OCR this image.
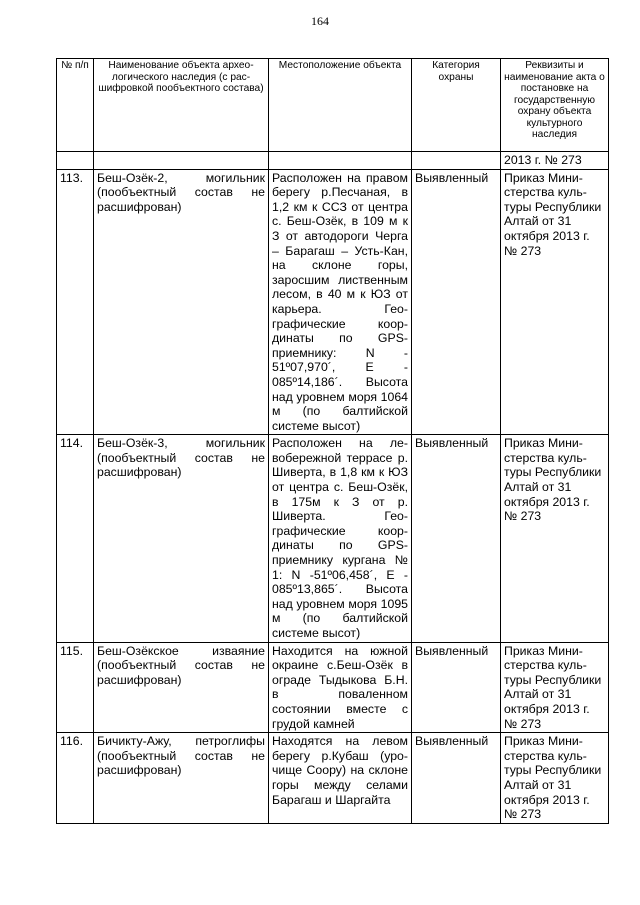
164
№ п/п	Наименование объекта археологического наследия (с расшифровкой пообъектного состава)	Местоположение объекта	Категория охраны	Реквизиты и наименование акта о постановке на государственную охрану объекта культурного наследия
				2013 г. № 273
113.	Беш-Озёк-2, могильник (пообъектный состав не расшифрован)	Расположен на правом берегу р.Песчаная, в 1,2 км к ССЗ от центра с. Беш-Озёк, в 109 м к З от автодороги Черга – Барагаш – Усть-Кан, на склоне горы, заросшим лиственным лесом, в 40 м к ЮЗ от карьера. Географические координаты по GPS-приемнику: N - 51º07,970´, E - 085º14,186´. Высота над уровнем моря 1064 м (по балтийской системе высот)	Выявленный	Приказ Министерства культуры Республики Алтай от 31 октября 2013 г. № 273
114.	Беш-Озёк-3, могильник (пообъектный состав не расшифрован)	Расположен на левобережной террасе р. Шиверта, в 1,8 км к ЮЗ от центра с. Беш-Озёк, в 175м к З от р. Шиверта. Географические координаты по GPS-приемнику кургана № 1: N -51º06,458´, E - 085º13,865´. Высота над уровнем моря 1095 м (по балтийской системе высот)	Выявленный	Приказ Министерства культуры Республики Алтай от 31 октября 2013 г. № 273
115.	Беш-Озёкское изваяние (пообъектный состав не расшифрован)	Находится на южной окраине с.Беш-Озёк в ограде Тыдыкова Б.Н. в поваленном состоянии вместе с грудой камней	Выявленный	Приказ Министерства культуры Республики Алтай от 31 октября 2013 г. № 273
116.	Бичикту-Ажу, петроглифы (пообъектный состав не расшифрован)	Находятся на левом берегу р.Кубаш (урочище Соору) на склоне горы между селами Барагаш и Шаргайта	Выявленный	Приказ Министерства культуры Республики Алтай от 31 октября 2013 г. № 273
